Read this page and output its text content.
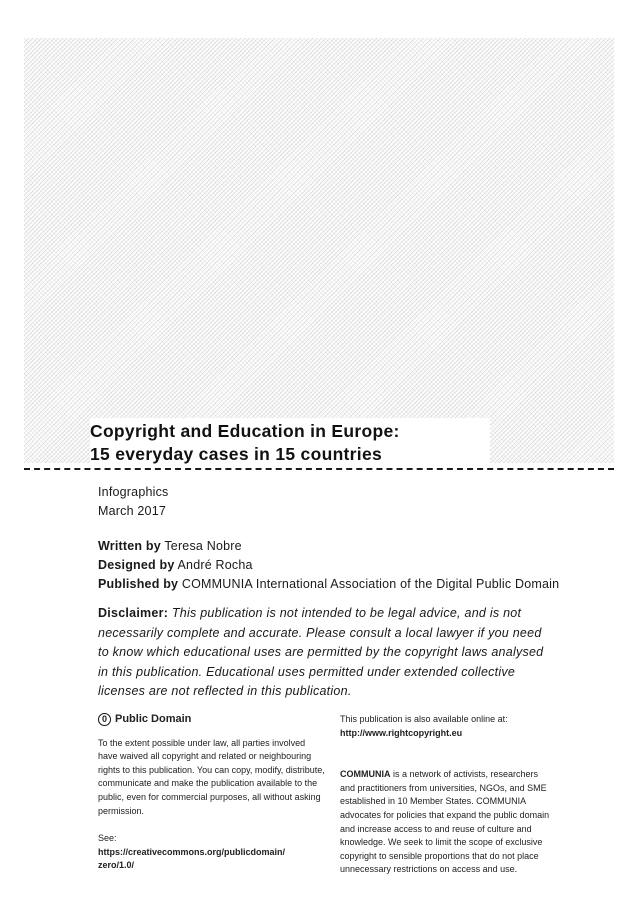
Copyright and Education in Europe:
15 everyday cases in 15 countries
Infographics
March 2017
Written by Teresa Nobre
Designed by André Rocha
Published by COMMUNIA International Association of the Digital Public Domain
Disclaimer: This publication is not intended to be legal advice, and is not necessarily complete and accurate. Please consult a local lawyer if you need to know which educational uses are permitted by the copyright laws analysed in this publication. Educational uses permitted under extended collective licenses are not reflected in this publication.
0 Public Domain

To the extent possible under law, all parties involved have waived all copyright and related or neighbouring rights to this publication. You can copy, modify, distribute, communicate and make the publication available to the public, even for commercial purposes, all without asking permission.

See:
https://creativecommons.org/publicdomain/
zero/1.0/
This publication is also available online at:
http://www.rightcopyright.eu

COMMUNIA is a network of activists, researchers and practitioners from universities, NGOs, and SME established in 10 Member States. COMMUNIA advocates for policies that expand the public domain and increase access to and reuse of culture and knowledge. We seek to limit the scope of exclusive copyright to sensible proportions that do not place unnecessary restrictions on access and use.
